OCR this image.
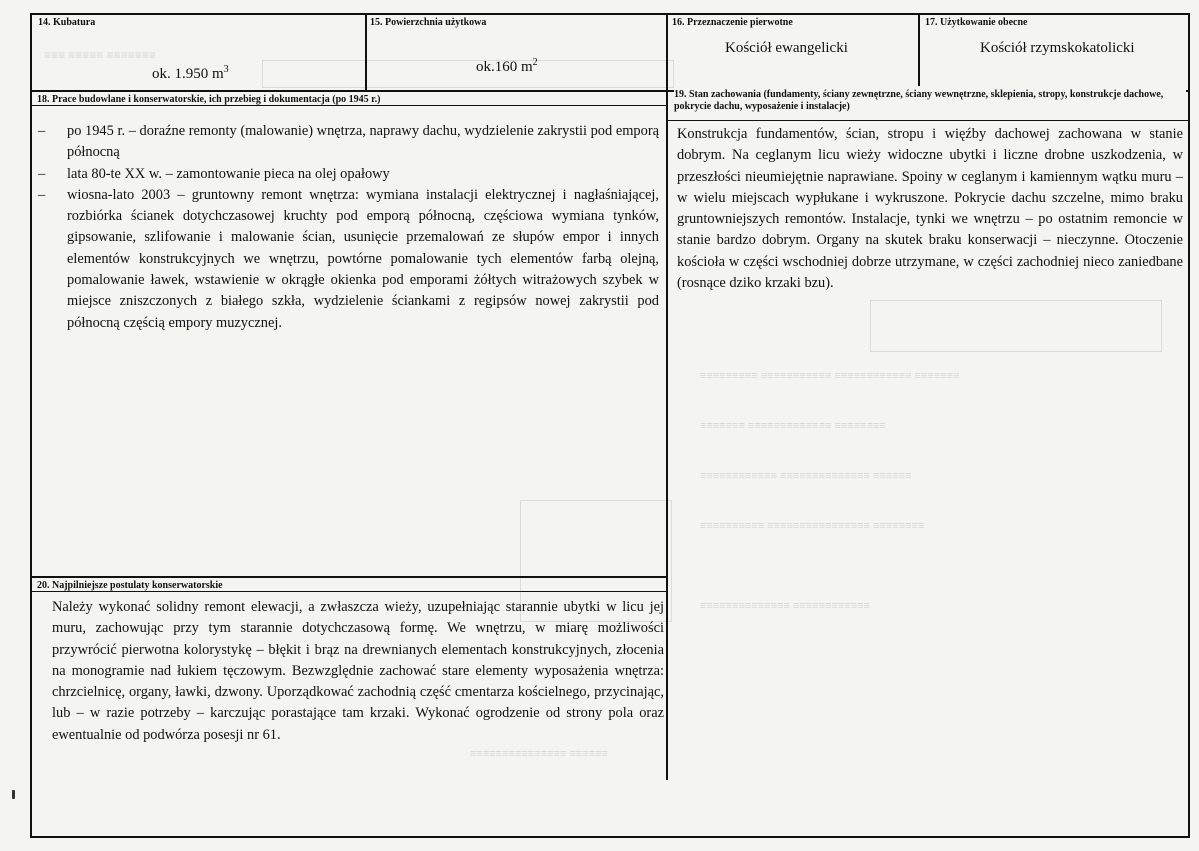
≡≡≡ ≡≡≡≡≡ ≡≡≡≡≡≡≡
≡≡≡≡≡≡≡≡≡ ≡≡≡≡≡≡≡≡≡≡≡ ≡≡≡≡≡≡≡≡≡≡≡≡ ≡≡≡≡≡≡≡
≡≡≡≡≡≡≡ ≡≡≡≡≡≡≡≡≡≡≡≡≡ ≡≡≡≡≡≡≡≡
≡≡≡≡≡≡≡≡≡≡≡≡ ≡≡≡≡≡≡≡≡≡≡≡≡≡≡ ≡≡≡≡≡≡
≡≡≡≡≡≡≡≡≡≡ ≡≡≡≡≡≡≡≡≡≡≡≡≡≡≡≡ ≡≡≡≡≡≡≡≡
≡≡≡≡≡≡≡≡≡≡≡≡≡≡ ≡≡≡≡≡≡≡≡≡≡≡≡
≡≡≡≡≡≡≡≡≡≡≡≡≡≡≡ ≡≡≡≡≡≡
14. Kubatura
ok. 1.950 $m^3$
15. Powierzchnia użytkowa
ok.160 $m^2$
16. Przeznaczenie pierwotne
Kościół ewangelicki
17. Użytkowanie obecne
Kościół rzymskokatolicki
18. Prace budowlane i konserwatorskie, ich przebieg i dokumentacja (po 1945 r.)
– po 1945 r. – doraźne remonty (malowanie) wnętrza, naprawy dachu, wydzielenie zakrystii pod emporą północną
– lata 80-te XX w. – zamontowanie pieca na olej opałowy
– wiosna-lato 2003 – gruntowny remont wnętrza: wymiana instalacji elektrycznej i nagłaśniającej, rozbiórka ścianek dotychczasowej kruchty pod emporą północną, częściowa wymiana tynków, gipsowanie, szlifowanie i malowanie ścian, usunięcie przemalowań ze słupów empor i innych elementów konstrukcyjnych we wnętrzu, powtórne pomalowanie tych elementów farbą olejną, pomalowanie ławek, wstawienie w okrągłe okienka pod emporami żółtych witrażowych szybek w miejsce zniszczonych z białego szkła, wydzielenie ściankami z regipsów nowej zakrystii pod północną częścią empory muzycznej.
19. Stan zachowania (fundamenty, ściany zewnętrzne, ściany wewnętrzne, sklepienia, stropy, konstrukcje dachowe, pokrycie dachu, wyposażenie i instalacje)

Konstrukcja fundamentów, ścian, stropu i więźby dachowej zachowana w stanie dobrym. Na ceglanym licu wieży widoczne ubytki i liczne drobne uszkodzenia, w przeszłości nieumiejętnie naprawiane. Spoiny w ceglanym i kamiennym wątku muru – w wielu miejscach wypłukane i wykruszone. Pokrycie dachu szczelne, mimo braku gruntowniejszych remontów. Instalacje, tynki we wnętrzu – po ostatnim remoncie w stanie bardzo dobrym. Organy na skutek braku konserwacji – nieczynne. Otoczenie kościoła w części wschodniej dobrze utrzymane, w części zachodniej nieco zaniedbane (rosnące dziko krzaki bzu).

20. Najpilniejsze postulaty konserwatorskie

Należy wykonać solidny remont elewacji, a zwłaszcza wieży, uzupełniając starannie ubytki w licu jej muru, zachowując przy tym starannie dotychczasową formę. We wnętrzu, w miarę możliwości przywrócić pierwotna kolorystykę – błękit i brąz na drewnianych elementach konstrukcyjnych, złocenia na monogramie nad łukiem tęczowym. Bezwzględnie zachować stare elementy wyposażenia wnętrza: chrzcielnicę, organy, ławki, dzwony. Uporządkować zachodnią część cmentarza kościelnego, przycinając, lub – w razie potrzeby – karczując porastające tam krzaki. Wykonać ogrodzenie od strony pola oraz ewentualnie od podwórza posesji nr 61.
